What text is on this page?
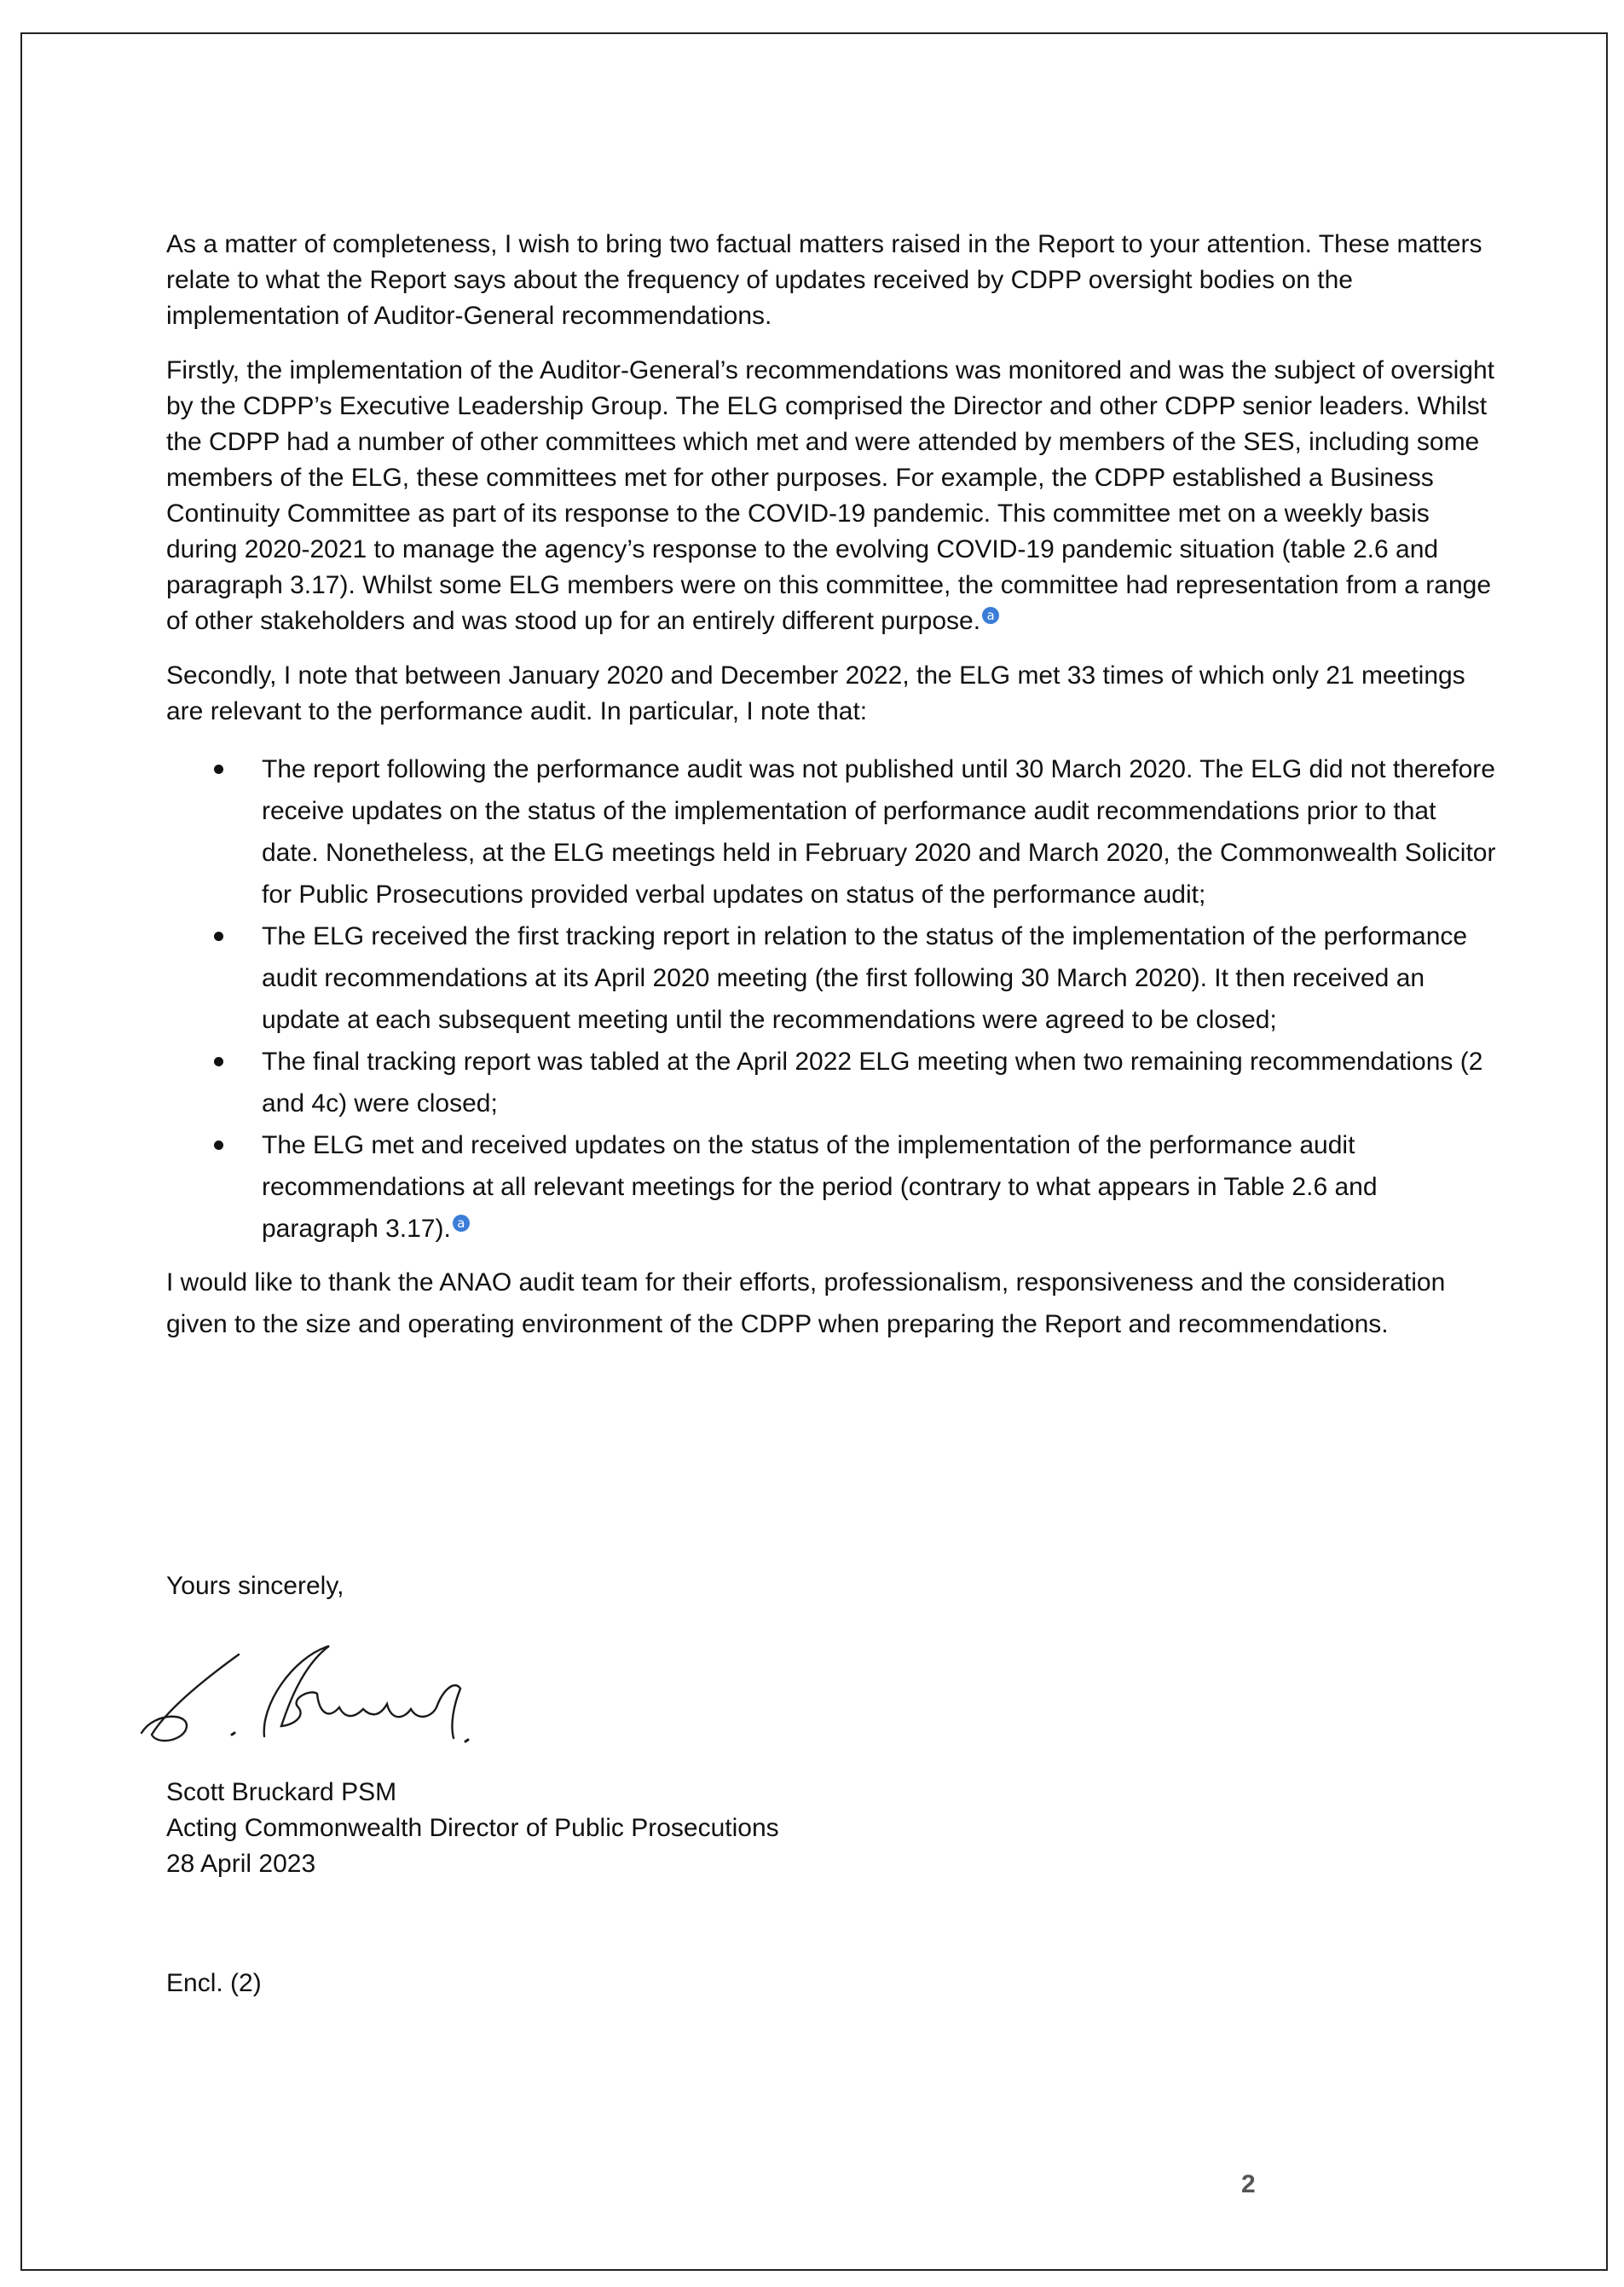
As a matter of completeness, I wish to bring two factual matters raised in the Report to your attention. These matters relate to what the Report says about the frequency of updates received by CDPP oversight bodies on the implementation of Auditor-General recommendations.

Firstly, the implementation of the Auditor-General’s recommendations was monitored and was the subject of oversight by the CDPP’s Executive Leadership Group. The ELG comprised the Director and other CDPP senior leaders. Whilst the CDPP had a number of other committees which met and were attended by members of the SES, including some members of the ELG, these committees met for other purposes. For example, the CDPP established a Business Continuity Committee as part of its response to the COVID-19 pandemic. This committee met on a weekly basis during 2020-2021 to manage the agency’s response to the evolving COVID-19 pandemic situation (table 2.6 and paragraph 3.17). Whilst some ELG members were on this committee, the committee had representation from a range of other stakeholders and was stood up for an entirely different purpose. a

Secondly, I note that between January 2020 and December 2022, the ELG met 33 times of which only 21 meetings are relevant to the performance audit. In particular, I note that:

The report following the performance audit was not published until 30 March 2020. The ELG did not therefore receive updates on the status of the implementation of performance audit recommendations prior to that date. Nonetheless, at the ELG meetings held in February 2020 and March 2020, the Commonwealth Solicitor for Public Prosecutions provided verbal updates on status of the performance audit;
The ELG received the first tracking report in relation to the status of the implementation of the performance audit recommendations at its April 2020 meeting (the first following 30 March 2020). It then received an update at each subsequent meeting until the recommendations were agreed to be closed;
The final tracking report was tabled at the April 2022 ELG meeting when two remaining recommendations (2 and 4c) were closed;
The ELG met and received updates on the status of the implementation of the performance audit recommendations at all relevant meetings for the period (contrary to what appears in Table 2.6 and paragraph 3.17). a

I would like to thank the ANAO audit team for their efforts, professionalism, responsiveness and the consideration given to the size and operating environment of the CDPP when preparing the Report and recommendations.

Yours sincerely,
Scott Bruckard PSM
Acting Commonwealth Director of Public Prosecutions
28 April 2023
Encl. (2)
2
